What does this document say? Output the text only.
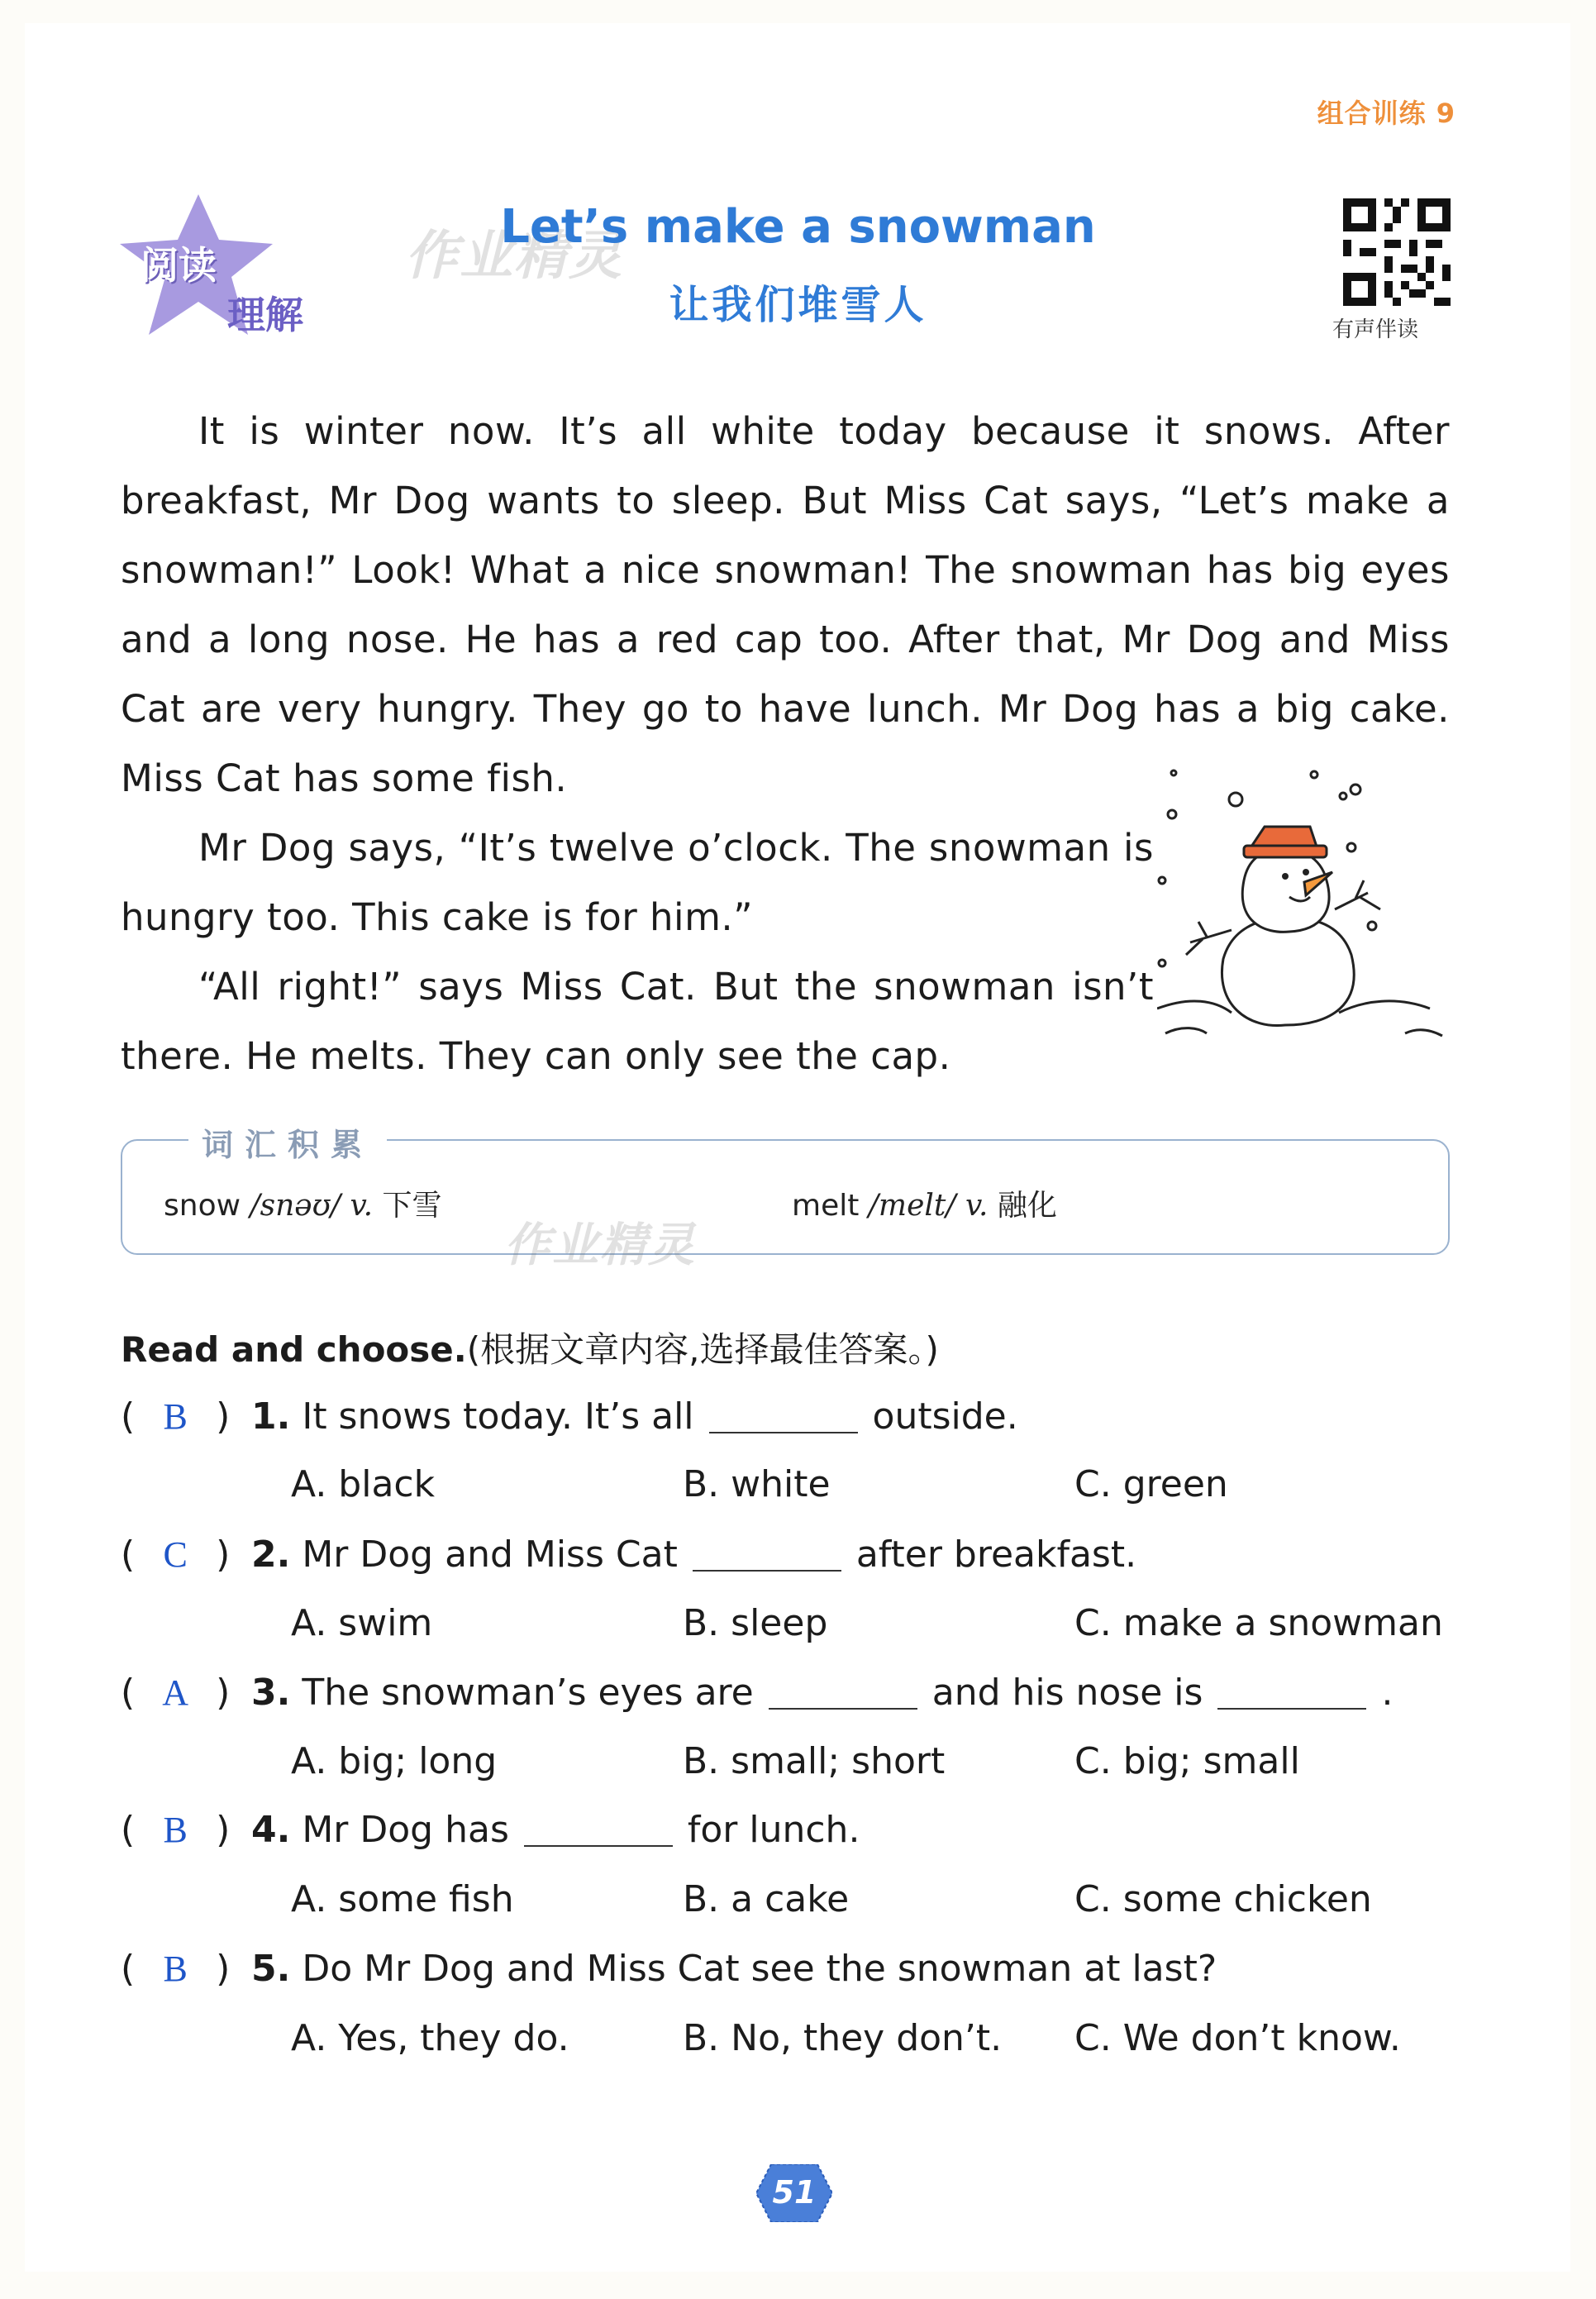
组合训练 9
阅读
理解
作业精灵
Let’s make a snowman
让我们堆雪人
有声伴读

It is winter now. It’s all white today because it snows. After breakfast, Mr Dog wants to sleep. But Miss Cat says, “Let’s make a snowman!” Look! What a nice snowman! The snowman has big eyes and a long nose. He has a red cap too. After that, Mr Dog and Miss Cat are very hungry. They go to have lunch. Mr Dog has a big cake. Miss Cat has some fish.

Mr Dog says, “It’s twelve o’clock. The snowman is hungry too. This cake is for him.”

“All right!” says Miss Cat. But the snowman isn’t there. He melts. They can only see the cap.

词汇积累
snow /snəʊ/ v. 下雪	melt /melt/ v. 融化
作业精灵
Read and choose.(根据文章内容,选择最佳答案。)
( B ) 1. It snows today. It’s all	outside.
A. black	B. white	C. green
( C ) 2. Mr Dog and Miss Cat	after breakfast.
A. swim	B. sleep	C. make a snowman
( A ) 3. The snowman’s eyes are	and his nose is	.
A. big; long	B. small; short	C. big; small
( B ) 4. Mr Dog has	for lunch.
A. some fish	B. a cake	C. some chicken
( B ) 5. Do Mr Dog and Miss Cat see the snowman at last?
A. Yes, they do.	B. No, they don’t. C. We don’t know.
51
